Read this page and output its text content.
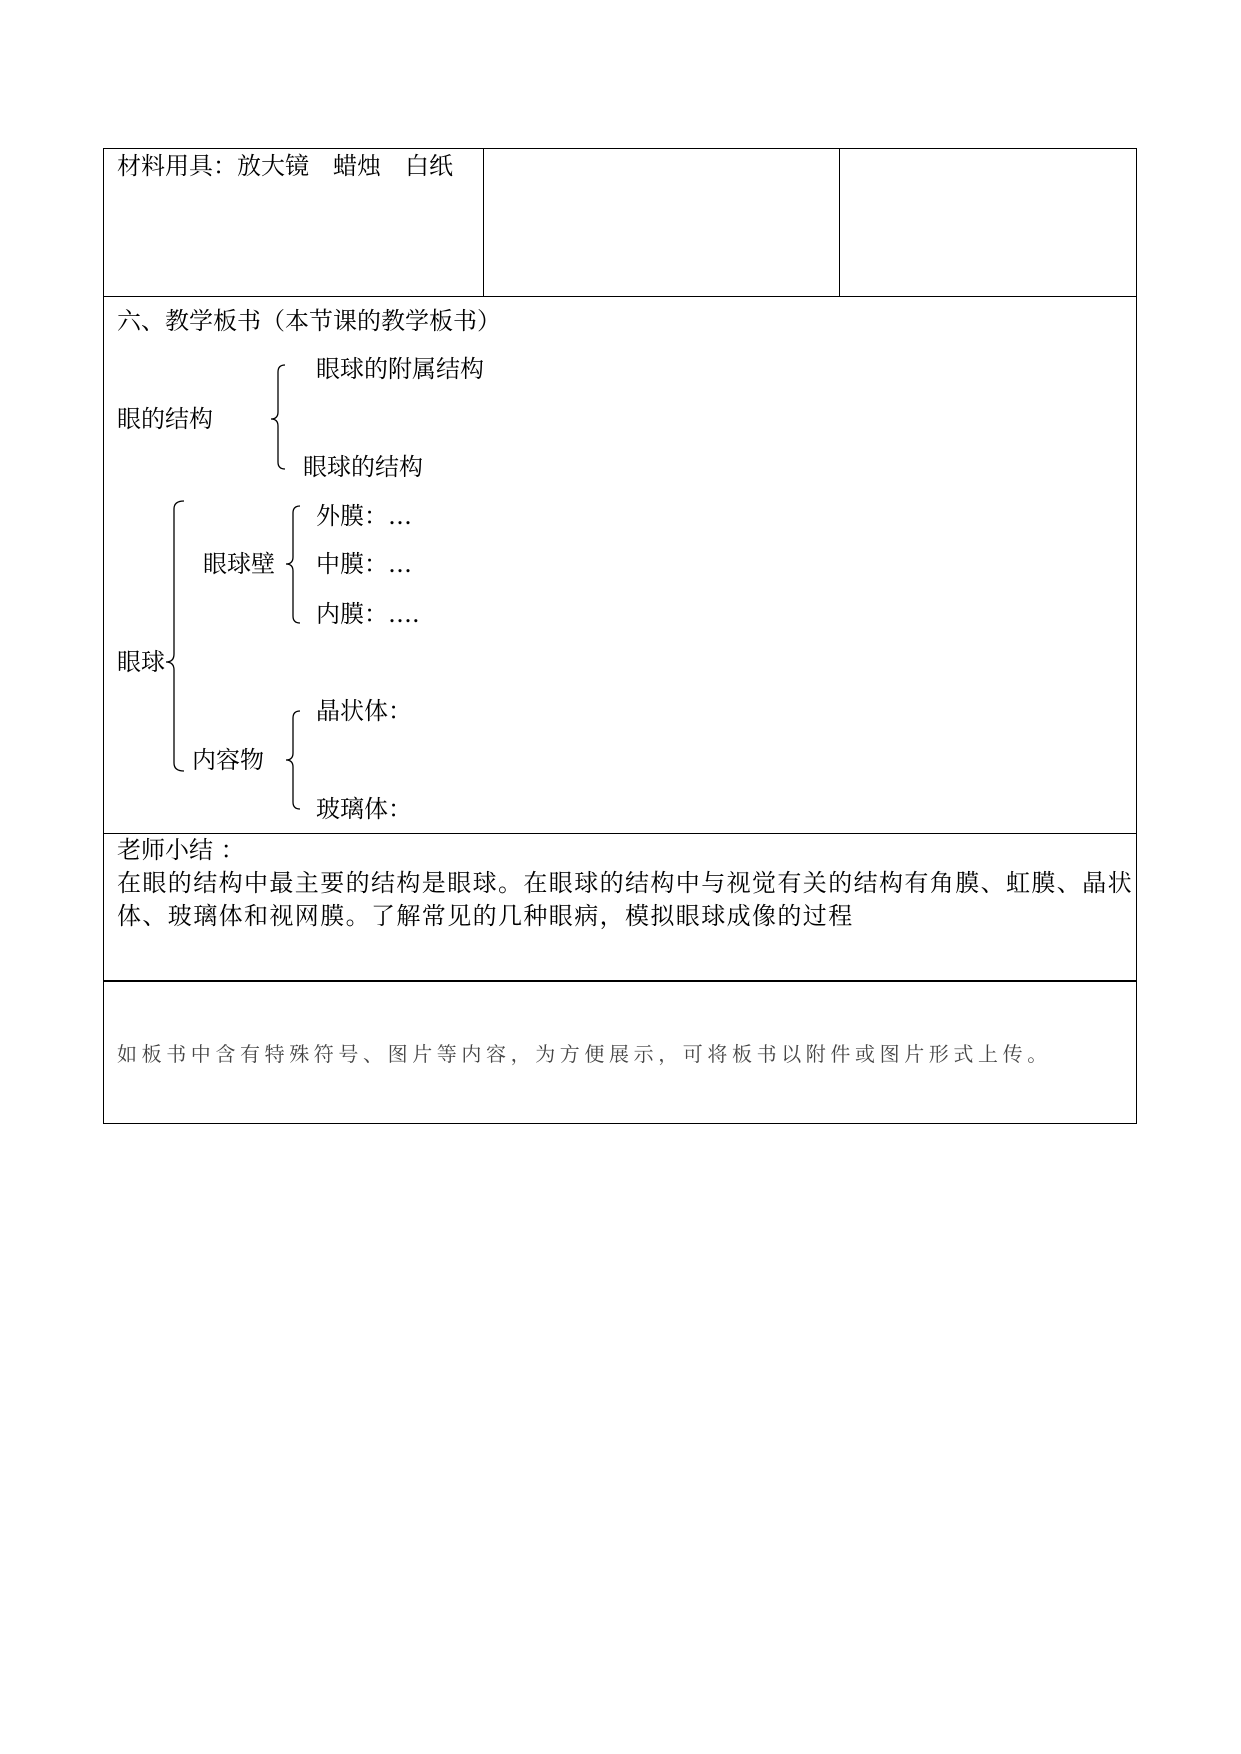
材料用具：放大镜　蜡烛　白纸
六、教学板书（本节课的教学板书）
眼的结构
眼球的附属结构
眼球的结构
眼球壁
外膜：…
中膜：…
内膜：….
眼球
内容物
晶状体：
玻璃体：
老师小结 ：
在眼的结构中最主要的结构是眼球。在眼球的结构中与视觉有关的结构有角膜、虹膜、晶状
体、玻璃体和视网膜。了解常见的几种眼病，模拟眼球成像的过程
如板书中含有特殊符号、图片等内容，为方便展示，可将板书以附件或图片形式上传。
